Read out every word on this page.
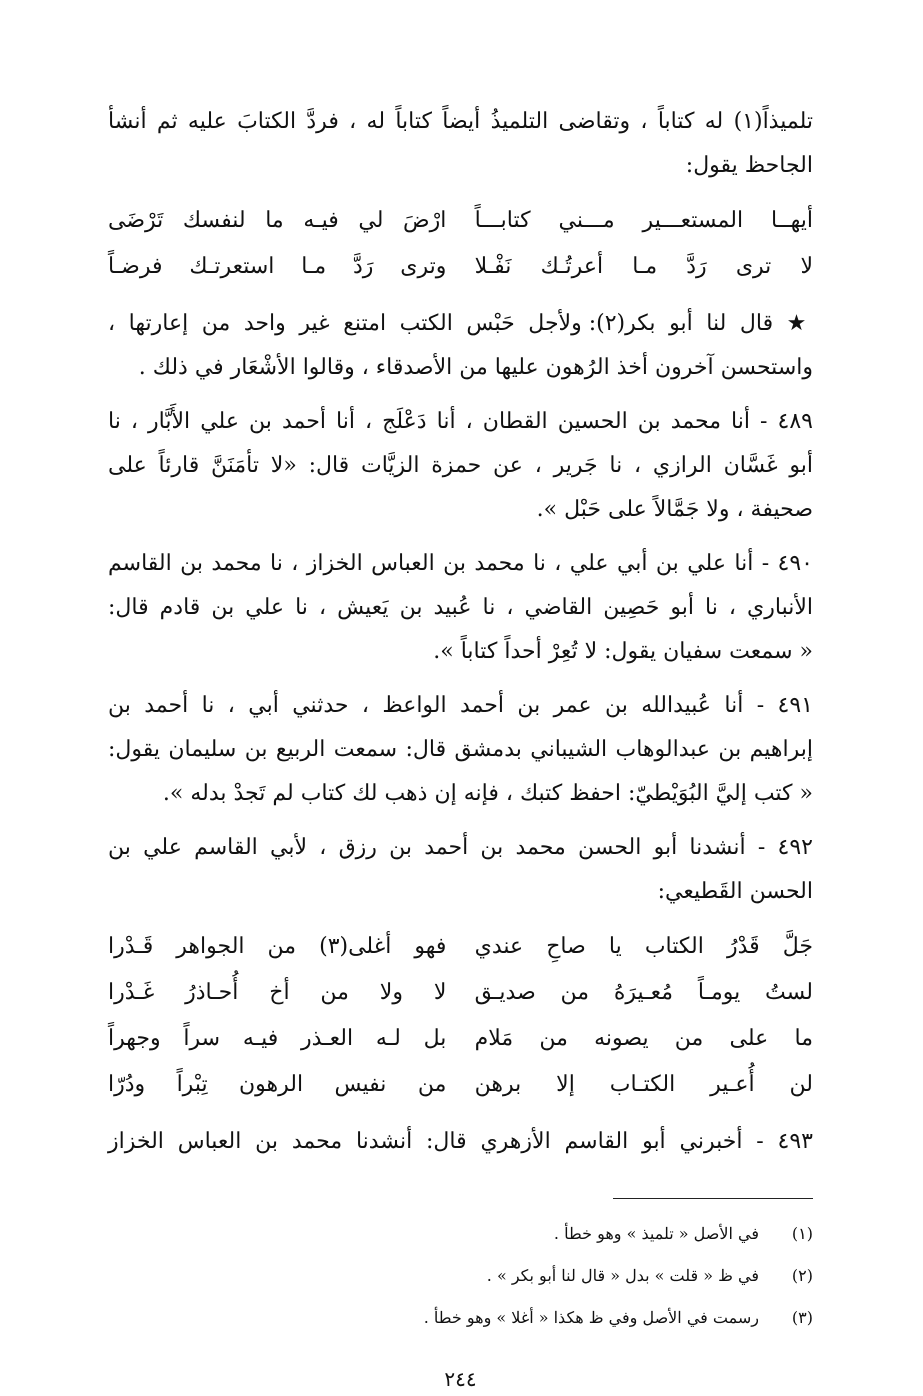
تلميذاً(١) له كتاباً ، وتقاضى التلميذُ أيضاً كتاباً له ، فردَّ الكتابَ عليه ثم أنشأ
الجاحظ يقول:

أيهــا المستعـــير مـــني كتابـــاً
ارْضَ لي فيـه ما لنفسك تَرْضَى
لا ترى رَدَّ مـا أعرتُـك نَفْـلا
وترى رَدَّ مـا استعرتـك فرضـاً

★ قال لنا أبو بكر(٢): ولأجل حَبْس الكتب امتنع غير واحد من إعارتها ،
واستحسن آخرون أخذ الرُهون عليها من الأصدقاء ، وقالوا الأشْعَار في ذلك .

٤٨٩ - أنا محمد بن الحسين القطان ، أنا دَعْلَج ، أنا أحمد بن علي الأَبَّار ، نا
أبو غَسَّان الرازي ، نا جَرير ، عن حمزة الزيَّات قال: «لا تأمَنَنَّ قارئاً على
صحيفة ، ولا جَمَّالاً على حَبْل ».

٤٩٠ - أنا علي بن أبي علي ، نا محمد بن العباس الخزاز ، نا محمد بن القاسم
الأنباري ، نا أبو حَصِين القاضي ، نا عُبيد بن يَعيش ، نا علي بن قادم قال:
« سمعت سفيان يقول: لا تُعِرْ أحداً كتاباً ».

٤٩١ - أنا عُبيدالله بن عمر بن أحمد الواعظ ، حدثني أبي ، نا أحمد بن
إبراهيم بن عبدالوهاب الشيباني بدمشق قال: سمعت الربيع بن سليمان يقول:
« كتب إليَّ البُوَيْطيّ: احفظ كتبك ، فإنه إن ذهب لك كتاب لم تَجدْ بدله ».

٤٩٢ - أنشدنا أبو الحسن محمد بن أحمد بن رزق ، لأبي القاسم علي بن
الحسن القَطيعي:

جَلَّ قَدْرُ الكتاب يا صاحِ عندي
فهو أغلى(٣) من الجواهر قَـدْرا
لستُ يومـاً مُعـيرَهُ من صديـق
لا ولا من أخ أُحـاذرُ غَـدْرا
ما على من يصونه من مَلام
بل لـه العـذر فيـه سراً وجهراً
لن أُعـير الكتـاب إلا برهن
من نفيس الرهون تِبْراً ودُرّا

٤٩٣ - أخبرني أبو القاسم الأزهري قال: أنشدنا محمد بن العباس الخزاز

(١)
في الأصل « تلميذ » وهو خطأ .
(٢)
في ظ « قلت » بدل « قال لنا أبو بكر » .
(٣)
رسمت في الأصل وفي ظ هكذا « أغلا » وهو خطأ .
٢٤٤
